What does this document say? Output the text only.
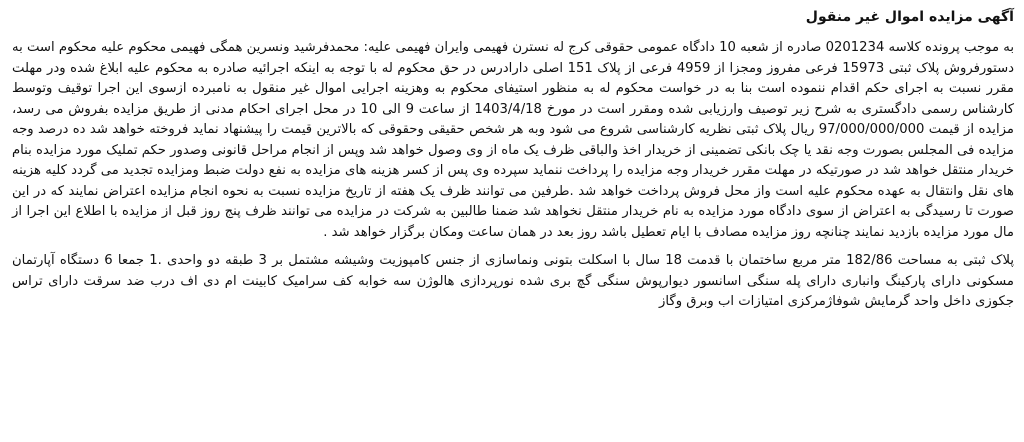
آگهی مزایده اموال غیر منقول

به موجب پرونده کلاسه 0201234 صادره از شعبه 10 دادگاه عمومی حقوقی کرج له نسترن فهیمی وایران فهیمی علیه: محمدفرشید ونسرین همگی فهیمی محکوم علیه محکوم است به دستورفروش پلاک ثبتی 15973 فرعی مفروز ومجزا از 4959 فرعی از پلاک 151 اصلی دارادرس در حق محکوم له با توجه به اینکه اجرائیه صادره به محکوم علیه ابلاغ شده ودر مهلت مقرر نسبت به اجرای حکم اقدام ننموده است بنا به در خواست محکوم له به منظور استیفای محکوم به وهزینه اجرایی اموال غیر منقول به نامبرده ازسوی این اجرا توقیف وتوسط کارشناس رسمی دادگستری به شرح زیر توصیف وارزیابی شده ومقرر است در مورخ 1403/4/18 از ساعت 9 الی 10 در محل اجرای احکام مدنی از طریق مزایده بفروش می رسد، مزایده از قیمت 97/000/000/000 ریال پلاک ثبتی نظریه کارشناسی شروع می شود وبه هر شخص حقیقی وحقوقی که بالاترین قیمت را پیشنهاد نماید فروخته خواهد شد ده درصد وجه مزایده فی المجلس بصورت وجه نقد یا چک بانکی تضمینی از خریدار اخذ والباقی ظرف یک ماه از وی وصول خواهد شد وپس از انجام مراحل قانونی وصدور حکم تملیک مورد مزایده بنام خریدار منتقل خواهد شد در صورتیکه در مهلت مقرر خریدار وجه مزایده را پرداخت ننماید سپرده وی پس از کسر هزینه های مزایده به نفع دولت ضبط ومزایده تجدید می گردد کلیه هزینه های نقل وانتقال به عهده محکوم علیه است واز محل فروش پرداخت خواهد شد .طرفین می توانند ظرف یک هفته از تاریخ مزایده نسبت به نحوه انجام مزایده اعتراض نمایند که در این صورت تا رسیدگی به اعتراض از سوی دادگاه مورد مزایده به نام خریدار منتقل نخواهد شد ضمنا طالبین به شرکت در مزایده می توانند ظرف پنج روز قبل از مزایده با اطلاع این اجرا از مال مورد مزایده بازدید نمایند چنانچه روز مزایده مصادف با ایام تعطیل باشد روز بعد در همان ساعت ومکان برگزار خواهد شد .

پلاک ثبتی به مساحت 182/86 متر مربع ساختمان با قدمت 18 سال با اسکلت بتونی ونماسازی از جنس کامپوزیت وشیشه مشتمل بر 3 طبقه دو واحدی .1 جمعا 6 دستگاه آپارتمان مسکونی دارای پارکینگ وانباری دارای پله سنگی اسانسور دیوارپوش سنگی گچ بری شده نورپردازی هالوژن سه خوابه کف سرامیک کابینت ام دی اف درب ضد سرقت دارای تراس جکوزی داخل واحد گرمایش شوفاژمرکزی امتیازات اب وبرق وگاز
